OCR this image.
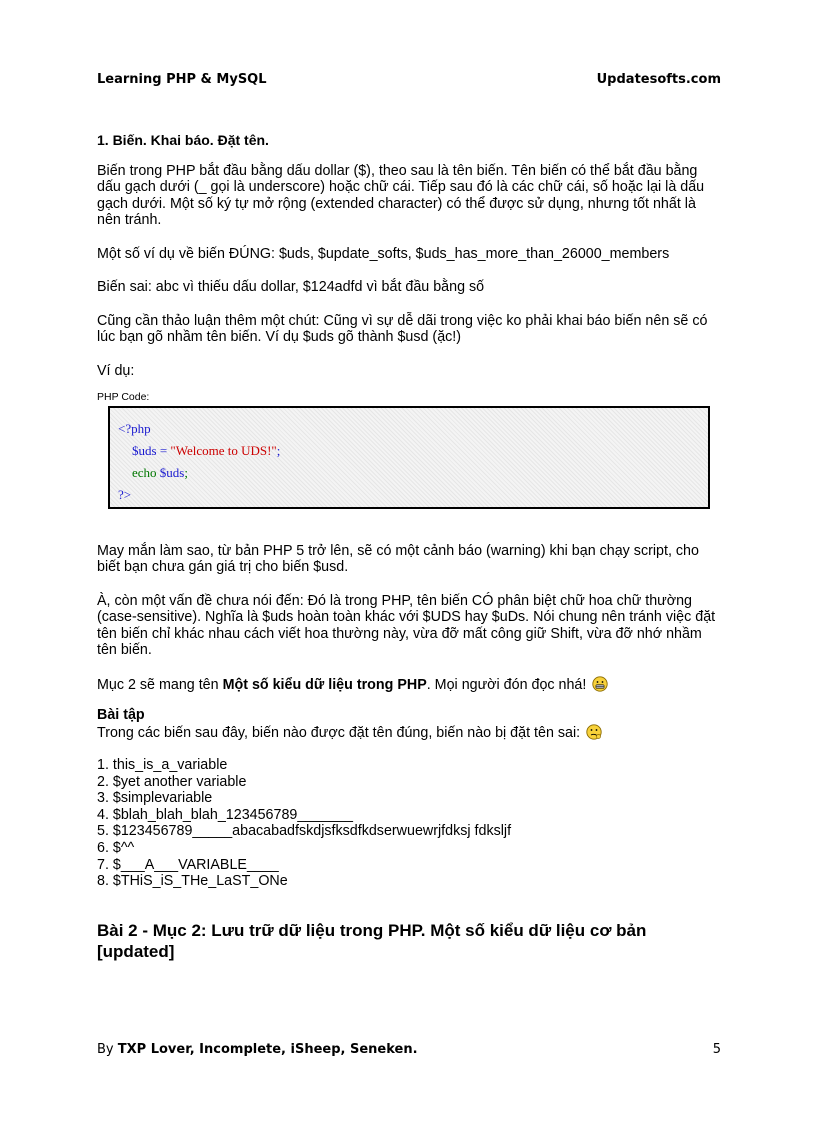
Learning PHP & MySQL	Updatesofts.com

1. Biến. Khai báo. Đặt tên.

Biến trong PHP bắt đầu bằng dấu dollar ($), theo sau là tên biến. Tên biến có thể bắt đầu bằng dấu gạch dưới (_ gọi là underscore) hoặc chữ cái. Tiếp sau đó là các chữ cái, số hoặc lại là dấu gạch dưới. Một số ký tự mở rộng (extended character) có thể được sử dụng, nhưng tốt nhất là nên tránh.

Một số ví dụ về biến ĐÚNG: $uds, $update_softs, $uds_has_more_than_26000_members

Biến sai: abc vì thiếu dấu dollar, $124adfd vì bắt đầu bằng số

Cũng cần thảo luận thêm một chút: Cũng vì sự dễ dãi trong việc ko phải khai báo biến nên sẽ có lúc bạn gõ nhầm tên biến. Ví dụ $uds gõ thành $usd (ặc!)

Ví dụ:

PHP Code:

<?php
$uds = "Welcome to UDS!";
echo $uds;
?>

May mắn làm sao, từ bản PHP 5 trở lên, sẽ có một cảnh báo (warning) khi bạn chạy script, cho biết bạn chưa gán giá trị cho biến $usd.

À, còn một vấn đề chưa nói đến: Đó là trong PHP, tên biến CÓ phân biệt chữ hoa chữ thường (case-sensitive). Nghĩa là $uds hoàn toàn khác với $UDS hay $uDs. Nói chung nên tránh việc đặt tên biến chỉ khác nhau cách viết hoa thường này, vừa đỡ mất công giữ Shift, vừa đỡ nhớ nhầm tên biến.

Mục 2 sẽ mang tên Một số kiểu dữ liệu trong PHP. Mọi người đón đọc nhá!

Bài tập

Trong các biến sau đây, biến nào được đặt tên đúng, biến nào bị đặt tên sai:

1. this_is_a_variable
2. $yet another variable
3. $simplevariable
4. $blah_blah_blah_123456789_______
5. $123456789_____abacabadfskdjsfksdfkdserwuewrjfdksj fdksljf
6. $^^
7. $___A___VARIABLE____
8. $THiS_iS_THe_LaST_ONe

Bài 2 - Mục 2: Lưu trữ dữ liệu trong PHP. Một số kiểu dữ liệu cơ bản [updated]

By TXP Lover, Incomplete, iSheep, Seneken.	5
